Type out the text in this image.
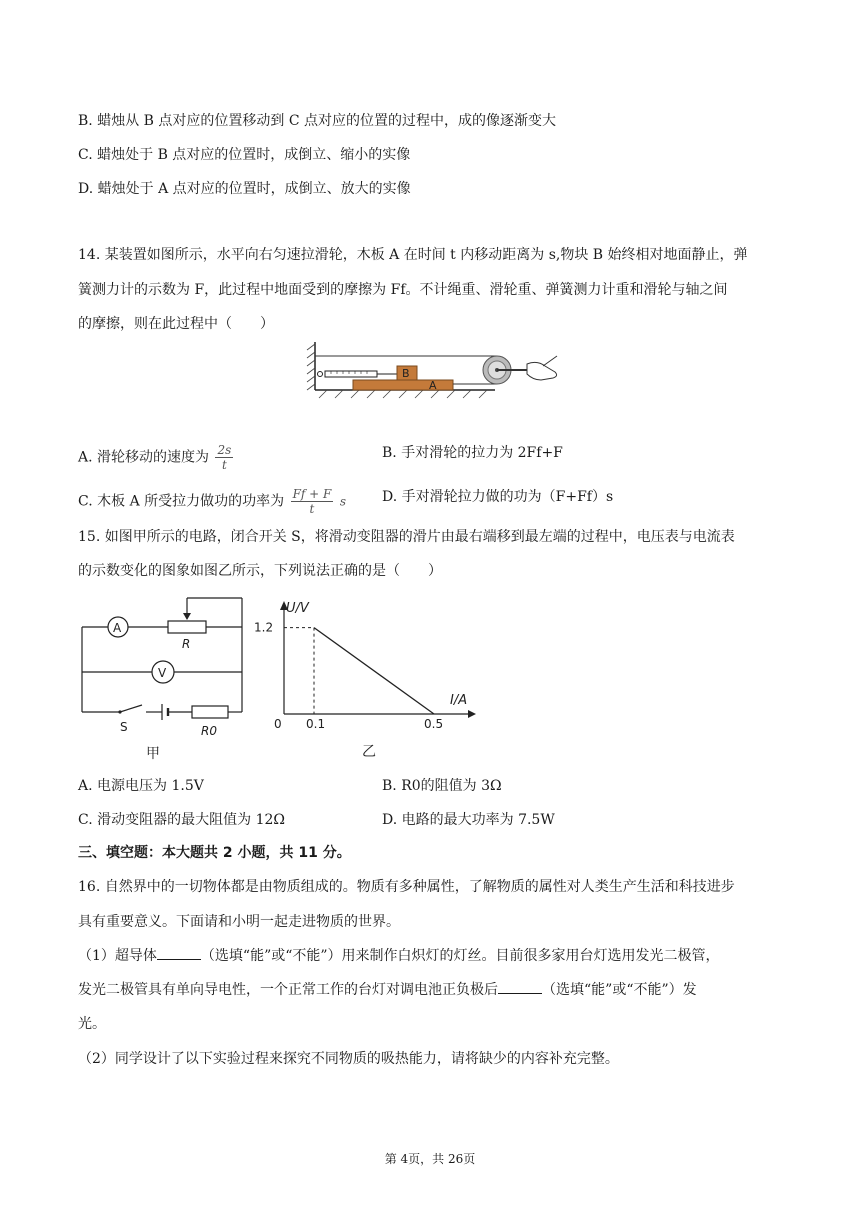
B. 蜡烛从 B 点对应的位置移动到 C 点对应的位置的过程中，成的像逐渐变大
C. 蜡烛处于 B 点对应的位置时，成倒立、缩小的实像
D. 蜡烛处于 A 点对应的位置时，成倒立、放大的实像
14. 某装置如图所示，水平向右匀速拉滑轮，木板 A 在时间 t 内移动距离为 s,物块 B 始终相对地面静止，弹
簧测力计的示数为 F，此过程中地面受到的摩擦为 Ff。不计绳重、滑轮重、弹簧测力计重和滑轮与轴之间
的摩擦，则在此过程中（　　）
A
B
A. 滑轮移动的速度为 $\frac{2s}{t}$	B. 手对滑轮的拉力为 2Ff+F
C. 木板 A 所受拉力做功的功率为 $\frac{Ff + F}{t}$ s	D. 手对滑轮拉力做的功为（F+Ff）s
15. 如图甲所示的电路，闭合开关 S，将滑动变阻器的滑片由最右端移到最左端的过程中，电压表与电流表
的示数变化的图象如图乙所示，下列说法正确的是（　　）
A
R
V
S	R0
甲
U/V
I/A
0 0.1	0.5
1.2
乙
A. 电源电压为 1.5V	B. R0的阻值为 3Ω
C. 滑动变阻器的最大阻值为 12Ω	D. 电路的最大功率为 7.5W
三、填空题：本大题共 2 小题，共 11 分。
16. 自然界中的一切物体都是由物质组成的。物质有多种属性，了解物质的属性对人类生产生活和科技进步
具有重要意义。下面请和小明一起走进物质的世界。
（1）超导体	（选填“能”或“不能”）用来制作白炽灯的灯丝。目前很多家用台灯选用发光二极管，
发光二极管具有单向导电性，一个正常工作的台灯对调电池正负极后	（选填“能”或“不能”）发
光。
（2）同学设计了以下实验过程来探究不同物质的吸热能力，请将缺少的内容补充完整。
第 4页，共 26页
